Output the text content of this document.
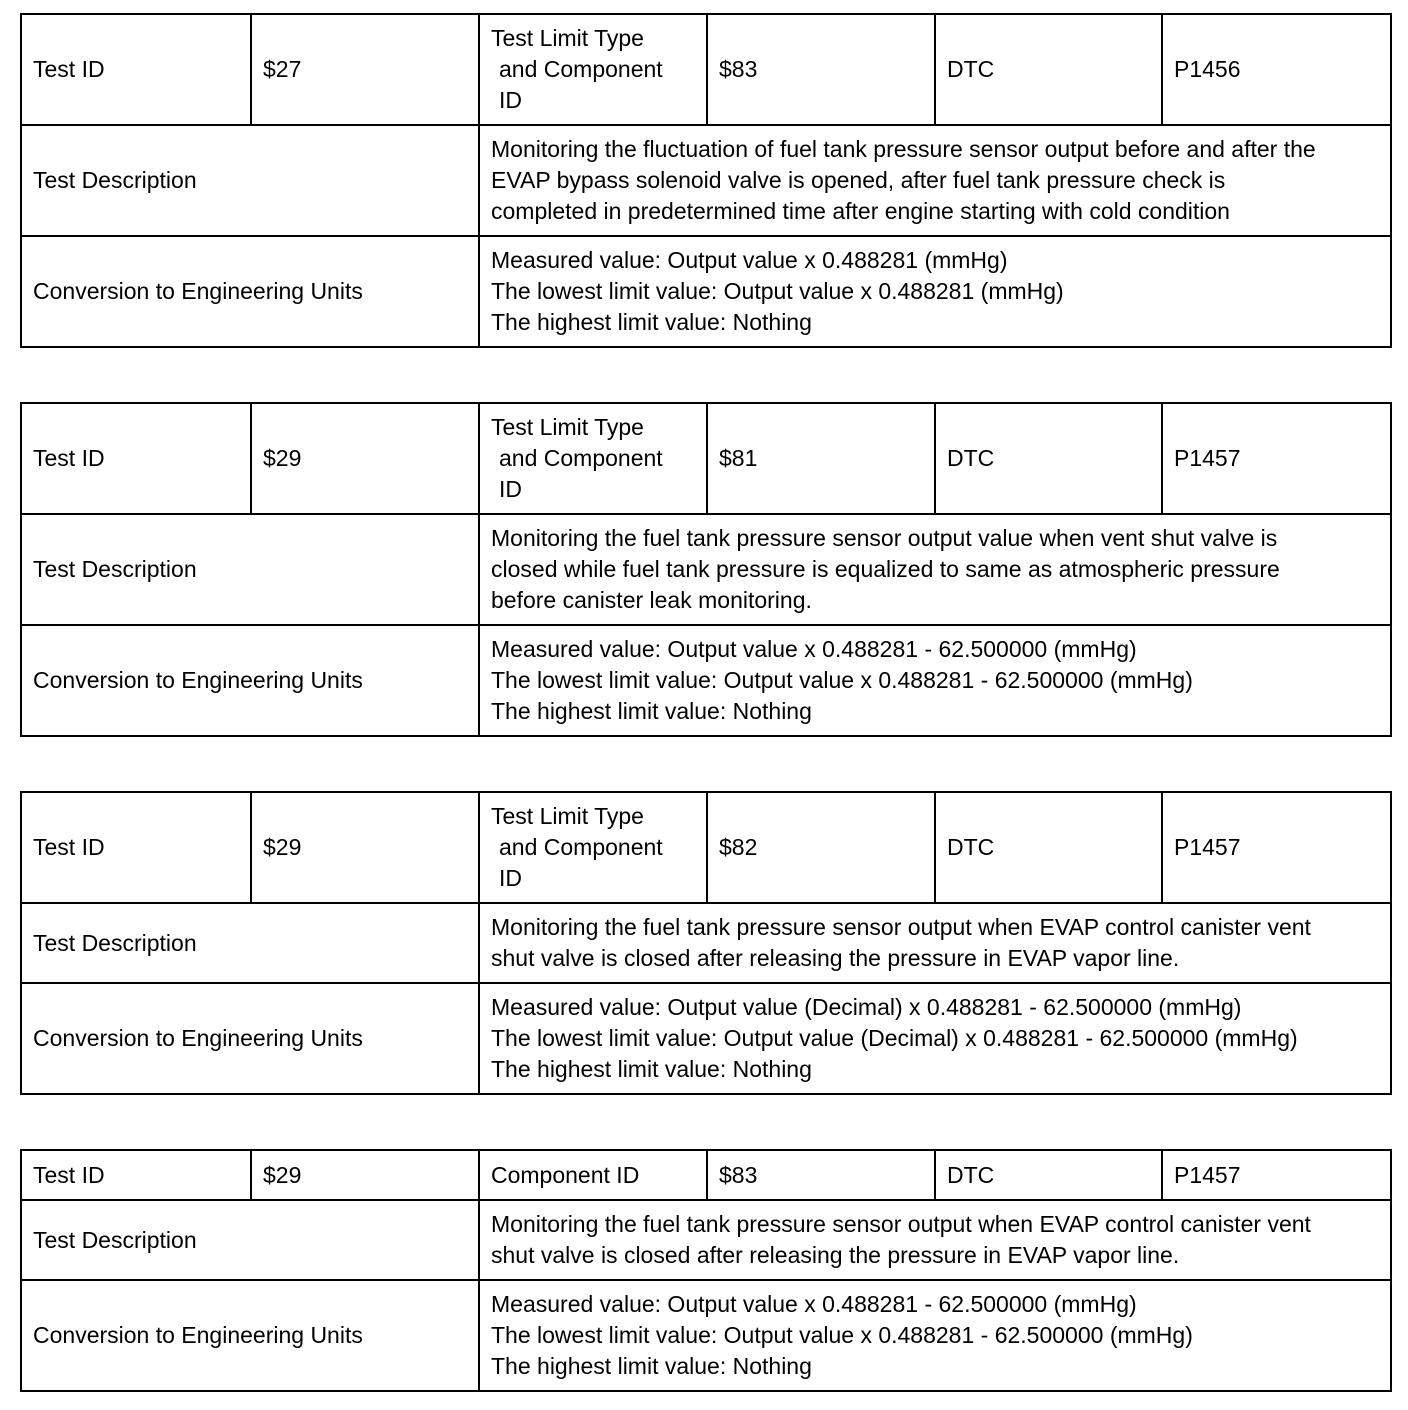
Test ID	$27	Test Limit Type
and Component
ID	$83	DTC	P1456
Test Description		Monitoring the fluctuation of fuel tank pressure sensor output before and after the
EVAP bypass solenoid valve is opened, after fuel tank pressure check is
completed in predetermined time after engine starting with cold condition			

Conversion to Engineering Units		Measured value: Output value x 0.488281 (mmHg)
The lowest limit value: Output value x 0.488281 (mmHg)
The highest limit value: Nothing			
Test ID	$29	Test Limit Type
and Component
ID	$81	DTC	P1457
Test Description		Monitoring the fuel tank pressure sensor output value when vent shut valve is
closed while fuel tank pressure is equalized to same as atmospheric pressure
before canister leak monitoring.			

Conversion to Engineering Units		Measured value: Output value x 0.488281 - 62.500000 (mmHg)
The lowest limit value: Output value x 0.488281 - 62.500000 (mmHg)
The highest limit value: Nothing			
Test ID	$29	Test Limit Type
and Component
ID	$82	DTC	P1457
Test Description		Monitoring the fuel tank pressure sensor output when EVAP control canister vent
shut valve is closed after releasing the pressure in EVAP vapor line.			

Conversion to Engineering Units		Measured value: Output value (Decimal) x 0.488281 - 62.500000 (mmHg)
The lowest limit value: Output value (Decimal) x 0.488281 - 62.500000 (mmHg)
The highest limit value: Nothing			
Test ID	$29	Component ID	$83	DTC	P1457
Test Description		Monitoring the fuel tank pressure sensor output when EVAP control canister vent
shut valve is closed after releasing the pressure in EVAP vapor line.			

Conversion to Engineering Units		Measured value: Output value x 0.488281 - 62.500000 (mmHg)
The lowest limit value: Output value x 0.488281 - 62.500000 (mmHg)
The highest limit value: Nothing			
